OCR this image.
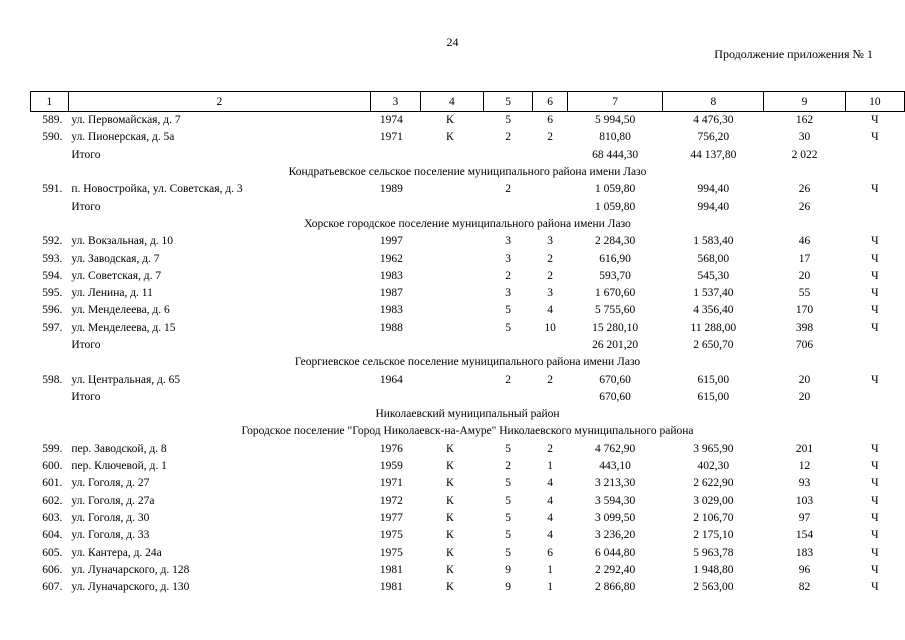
24
Продолжение приложения № 1
1	2	3	4	5	6	7	8	9	10
589.	ул. Первомайская, д. 7	1974	К	5	6	5 994,50	4 476,30	162	Ч
590.	ул. Пионерская, д. 5а	1971	К	2	2	810,80	756,20	30	Ч
	Итого					68 444,30	44 137,80	2 022	
Кондратьевское сельское поселение муниципального района имени Лазо									
591.	п. Новостройка, ул. Советская, д. 3	1989		2		1 059,80	994,40	26	Ч
	Итого					1 059,80	994,40	26	
Хорское городское поселение муниципального района имени Лазо									
592.	ул. Вокзальная, д. 10	1997		3	3	2 284,30	1 583,40	46	Ч
593.	ул. Заводская, д. 7	1962		3	2	616,90	568,00	17	Ч
594.	ул. Советская, д. 7	1983		2	2	593,70	545,30	20	Ч
595.	ул. Ленина, д. 11	1987		3	3	1 670,60	1 537,40	55	Ч
596.	ул. Менделеева, д. 6	1983		5	4	5 755,60	4 356,40	170	Ч
597.	ул. Менделеева, д. 15	1988		5	10	15 280,10	11 288,00	398	Ч
	Итого					26 201,20	2 650,70	706	
Георгиевское сельское поселение муниципального района имени Лазо									
598.	ул. Центральная, д. 65	1964		2	2	670,60	615,00	20	Ч
	Итого					670,60	615,00	20	
Николаевский муниципальный район									
Городское поселение "Город Николаевск-на-Амуре" Николаевского муниципального района									
599.	пер. Заводской, д. 8	1976	К	5	2	4 762,90	3 965,90	201	Ч
600.	пер. Ключевой, д. 1	1959	К	2	1	443,10	402,30	12	Ч
601.	ул. Гоголя, д. 27	1971	К	5	4	3 213,30	2 622,90	93	Ч
602.	ул. Гоголя, д. 27а	1972	К	5	4	3 594,30	3 029,00	103	Ч
603.	ул. Гоголя, д. 30	1977	К	5	4	3 099,50	2 106,70	97	Ч
604.	ул. Гоголя, д. 33	1975	К	5	4	3 236,20	2 175,10	154	Ч
605.	ул. Кантера, д. 24а	1975	К	5	6	6 044,80	5 963,78	183	Ч
606.	ул. Луначарского, д. 128	1981	К	9	1	2 292,40	1 948,80	96	Ч
607.	ул. Луначарского, д. 130	1981	К	9	1	2 866,80	2 563,00	82	Ч
